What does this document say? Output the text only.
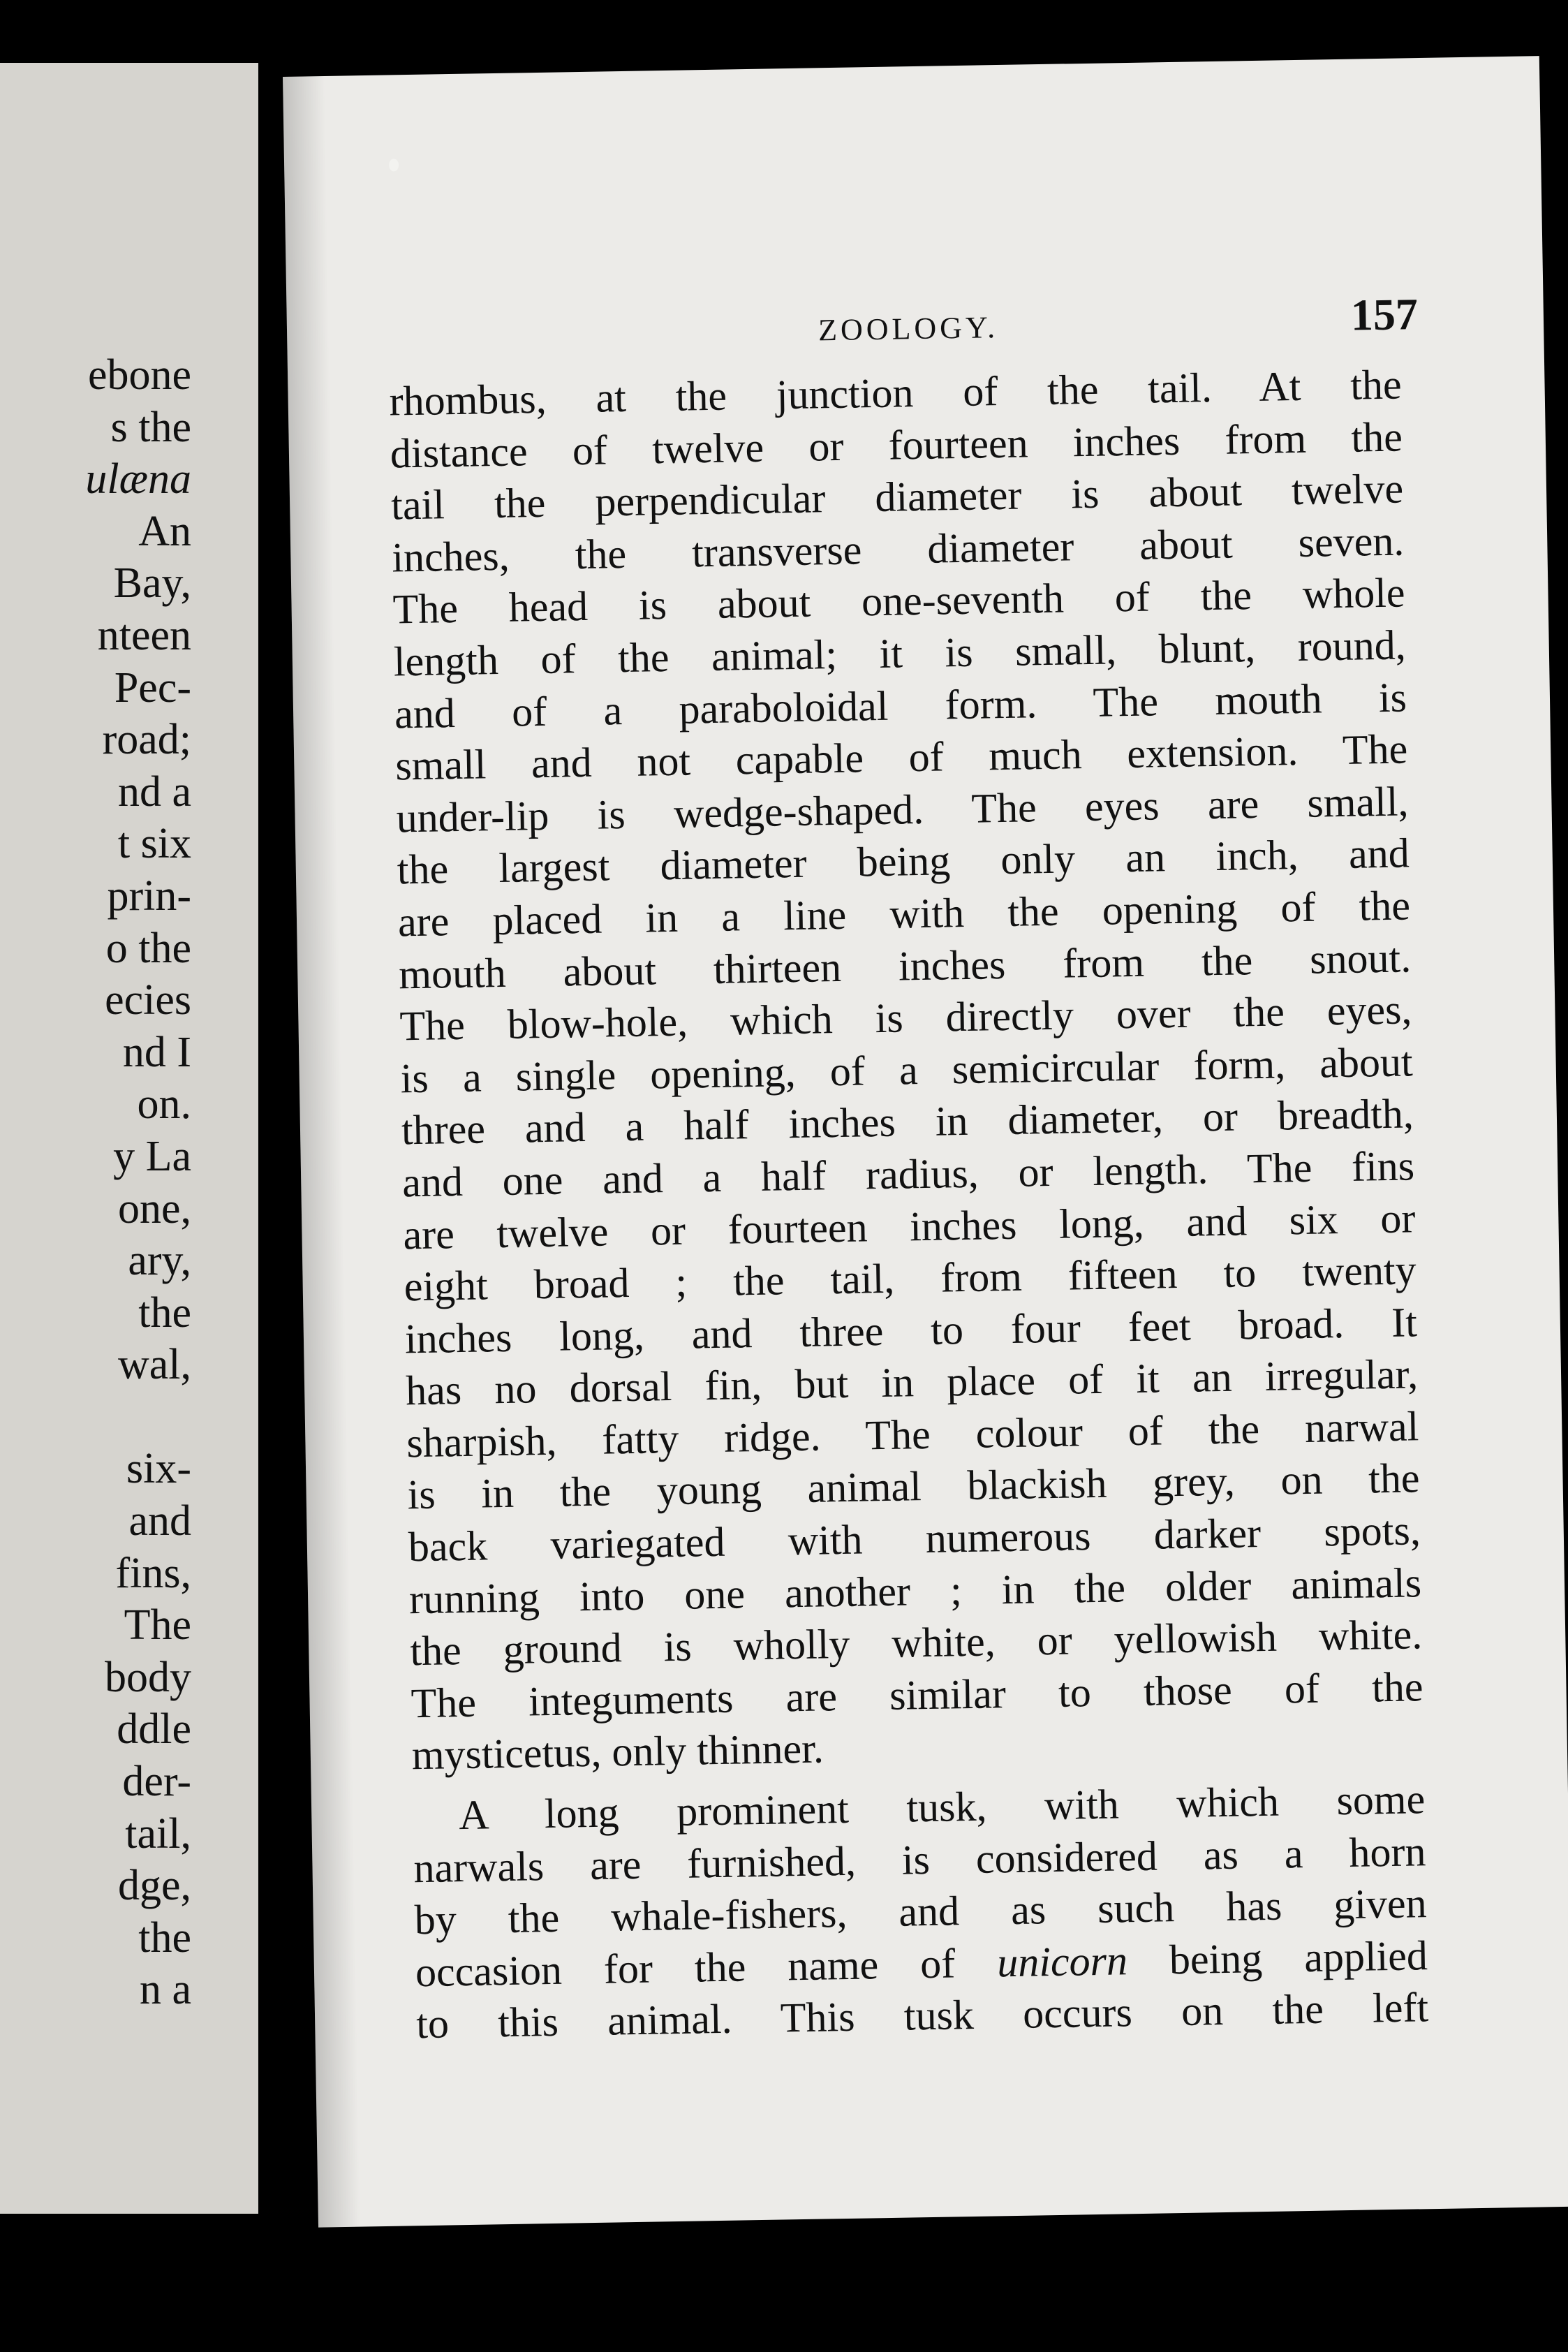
ebone
s the
ulæna
An
Bay,
nteen
Pec-
road;
nd a
t six
prin-
o the
ecies
nd I
on.
y La
one,
ary,
the
wal,
six-
and
fins,
The
body
ddle
der-
tail,
dge,
the
n a
ZOOLOGY.	157
rhombus, at the junction of the tail. At the
distance of twelve or fourteen inches from the
tail the perpendicular diameter is about twelve
inches, the transverse diameter about seven.
The head is about one-seventh of the whole
length of the animal; it is small, blunt, round,
and of a paraboloidal form. The mouth is
small and not capable of much extension. The
under-lip is wedge-shaped. The eyes are small,
the largest diameter being only an inch, and
are placed in a line with the opening of the
mouth about thirteen inches from the snout.
The blow-hole, which is directly over the eyes,
is a single opening, of a semicircular form, about
three and a half inches in diameter, or breadth,
and one and a half radius, or length. The fins
are twelve or fourteen inches long, and six or
eight broad ; the tail, from fifteen to twenty
inches long, and three to four feet broad. It
has no dorsal fin, but in place of it an irregular,
sharpish, fatty ridge. The colour of the narwal
is in the young animal blackish grey, on the
back variegated with numerous darker spots,
running into one another ; in the older animals
the ground is wholly white, or yellowish white.
The integuments are similar to those of the
mysticetus, only thinner.
A long prominent tusk, with which some
narwals are furnished, is considered as a horn
by the whale-fishers, and as such has given
occasion for the name of unicorn being applied
to this animal. This tusk occurs on the left
